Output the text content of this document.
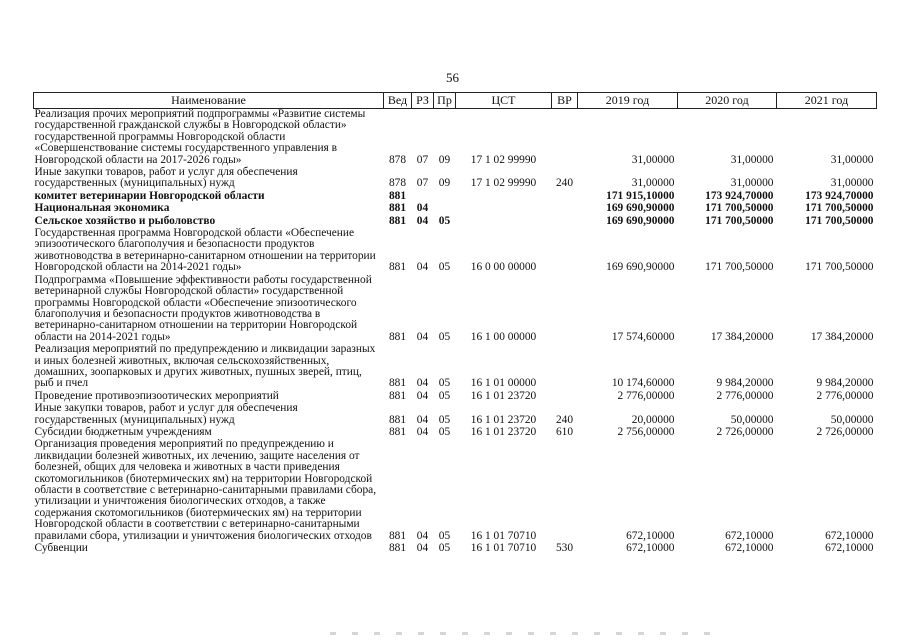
56
Наименование	Вед	РЗ	Пр	ЦСТ	ВР	2019 год	2020 год	2021 год
Реализация прочих мероприятий подпрограммы «Развитие системы государственной гражданской службы в Новгородской области» государственной программы Новгородской области «Совершенствование системы государственного управления в Новгородской области на 2017-2026 годы»	878	07	09	17 1 02 99990		31,00000	31,00000	31,00000
Иные закупки товаров, работ и услуг для обеспечения государственных (муниципальных) нужд	878	07	09	17 1 02 99990	240	31,00000	31,00000	31,00000
комитет ветеринарии Новгородской области	881					171 915,10000	173 924,70000	173 924,70000
Национальная экономика	881	04				169 690,90000	171 700,50000	171 700,50000
Сельское хозяйство и рыболовство	881	04	05			169 690,90000	171 700,50000	171 700,50000
Государственная программа Новгородской области «Обеспечение эпизоотического благополучия и безопасности продуктов животноводства в ветеринарно-санитарном отношении на территории Новгородской области на 2014-2021 годы»	881	04	05	16 0 00 00000		169 690,90000	171 700,50000	171 700,50000
Подпрограмма «Повышение эффективности работы государственной ветеринарной службы Новгородской области» государственной программы Новгородской области «Обеспечение эпизоотического благополучия и безопасности продуктов животноводства в ветеринарно-санитарном отношении на территории Новгородской области на 2014-2021 годы»	881	04	05	16 1 00 00000		17 574,60000	17 384,20000	17 384,20000
Реализация мероприятий по предупреждению и ликвидации заразных и иных болезней животных, включая сельскохозяйственных, домашних, зоопарковых и других животных, пушных зверей, птиц, рыб и пчел	881	04	05	16 1 01 00000		10 174,60000	9 984,20000	9 984,20000
Проведение противоэпизоотических мероприятий	881	04	05	16 1 01 23720		2 776,00000	2 776,00000	2 776,00000
Иные закупки товаров, работ и услуг для обеспечения государственных (муниципальных) нужд	881	04	05	16 1 01 23720	240	20,00000	50,00000	50,00000
Субсидии бюджетным учреждениям	881	04	05	16 1 01 23720	610	2 756,00000	2 726,00000	2 726,00000
Организация проведения мероприятий по предупреждению и ликвидации болезней животных, их лечению, защите населения от болезней, общих для человека и животных в части приведения скотомогильников (биотермических ям) на территории Новгородской области в соответствие с ветеринарно-санитарными правилами сбора, утилизации и уничтожения биологических отходов, а также содержания скотомогильников (биотермических ям) на территории Новгородской области в соответствии с ветеринарно-санитарными правилами сбора, утилизации и уничтожения биологических отходов	881	04	05	16 1 01 70710		672,10000	672,10000	672,10000
Субвенции	881	04	05	16 1 01 70710	530	672,10000	672,10000	672,10000
